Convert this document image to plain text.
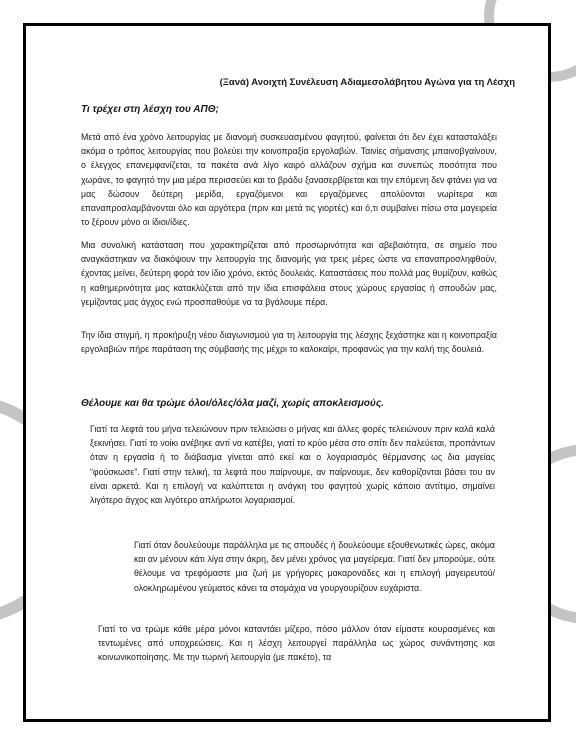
(Ξανά) Ανοιχτή Συνέλευση Αδιαμεσολάβητου Αγώνα για τη Λέσχη
Τι τρέχει στη λέσχη του ΑΠΘ;

Μετά από ένα χρόνο λειτουργίας με διανομή συσκευασμένου φαγητού, φαίνεται ότι δεν έχει κατασταλάξει ακόμα ο τρόπος λειτουργίας που βολεύει την κοινοπραξία εργολαβών. Ταινίες σήμανσης μπαινοβγαίνουν, ο έλεγχος επανεμφανίζεται, τα πακέτα ανά λίγο καιρό αλλάζουν σχήμα και συνεπώς ποσότητα που χωράνε, το φαγητό την μια μέρα περισσεύει και το βράδυ ξανασερβίρεται και την επόμενη δεν φτάνει για να μας δώσουν δεύτερη μερίδα, εργαζόμενοι και εργαζόμενες απολύονται νωρίτερα και επαναπροσλαμβάνονται όλο και αργότερα (πριν και μετά τις γιορτές) και ό,τι συμβαίνει πίσω στα μαγειρεία το ξέρουν μόνο οι ίδιοι/ίδιες.

Μια συνολική κατάσταση που χαρακτηρίζεται από προσωρινότητα και αβεβαιότητα, σε σημείο που αναγκάστηκαν να διακόψουν την λειτουργία της διανομής για τρεις μέρες ώστε να επαναπροσληφθούν, έχοντας μείνει, δεύτερη φορά τον ίδιο χρόνο, εκτός δουλειάς. Καταστάσεις που πολλά μας θυμίζουν, καθώς η καθημερινότητα μας κατακλύζεται από την ίδια επισφάλεια στους χώρους εργασίας ή σπουδών μας, γεμίζοντας μας άγχος ενώ προσπαθούμε να τα βγάλουμε πέρα.

Την ίδια στιγμή, η προκήρυξη νέου διαγωνισμού για τη λειτουργία της λέσχης ξεχάστηκε και η κοινοπραξία εργολαβιών πήρε παράταση της σύμβασής της μέχρι το καλοκαίρι, προφανώς για την καλή της δουλειά.

Θέλουμε και θα τρώμε όλοι/όλες/όλα μαζί, χωρίς αποκλεισμούς.

Γιατί τα λεφτά του μήνα τελειώνουν πριν τελειώσει ο μήνας και άλλες φορές τελειώνουν πριν καλά καλά ξεκινήσει. Γιατί το νοίκι ανέβηκε αντί να κατέβει, γιατί το κρύο μέσα στο σπίτι δεν παλεύεται, προπάντων όταν η εργασία ή το διάβασμα γίνεται από εκεί και ο λογαριασμός θέρμανσης ως δια μαγείας “φούσκωσε”. Γιατί στην τελική, τα λεφτά που παίρνουμε, αν παίρνουμε, δεν καθορίζονται βάσει του αν είναι αρκετά. Και η επιλογή να καλύπτεται η ανάγκη του φαγητού χωρίς κάποιο αντίτιμο, σημαίνει λιγότερο άγχος και λιγότερο απλήρωτοι λογαριασμοί.

Γιατί όταν δουλεύουμε παράλληλα με τις σπουδές ή δουλεύουμε εξουθενωτικές ώρες, ακόμα και αν μένουν κάτι λίγα στην άκρη, δεν μένει χρόνος για μαγείρεμα. Γιατί δεν μπορούμε, ούτε θέλουμε να τρεφόμαστε μια ζωή με γρήγορες μακαρονάδες και η επιλογή μαγειρευτού/ολοκληρωμένου γεύματος κάνει τα στομάχια να γουργουρίζουν ευχάριστα.

Γιατί το να τρώμε κάθε μέρα μόνοι καταντάει μίζερο, πόσο μάλλον όταν είμαστε κουρασμένες και τεντωμένες από υποχρεώσεις. Και η λέσχη λειτουργεί παράλληλα ως χώρος συνάντησης και κοινωνικοποίησης. Με την τωρινή λειτουργία (με πακέτο), τα
